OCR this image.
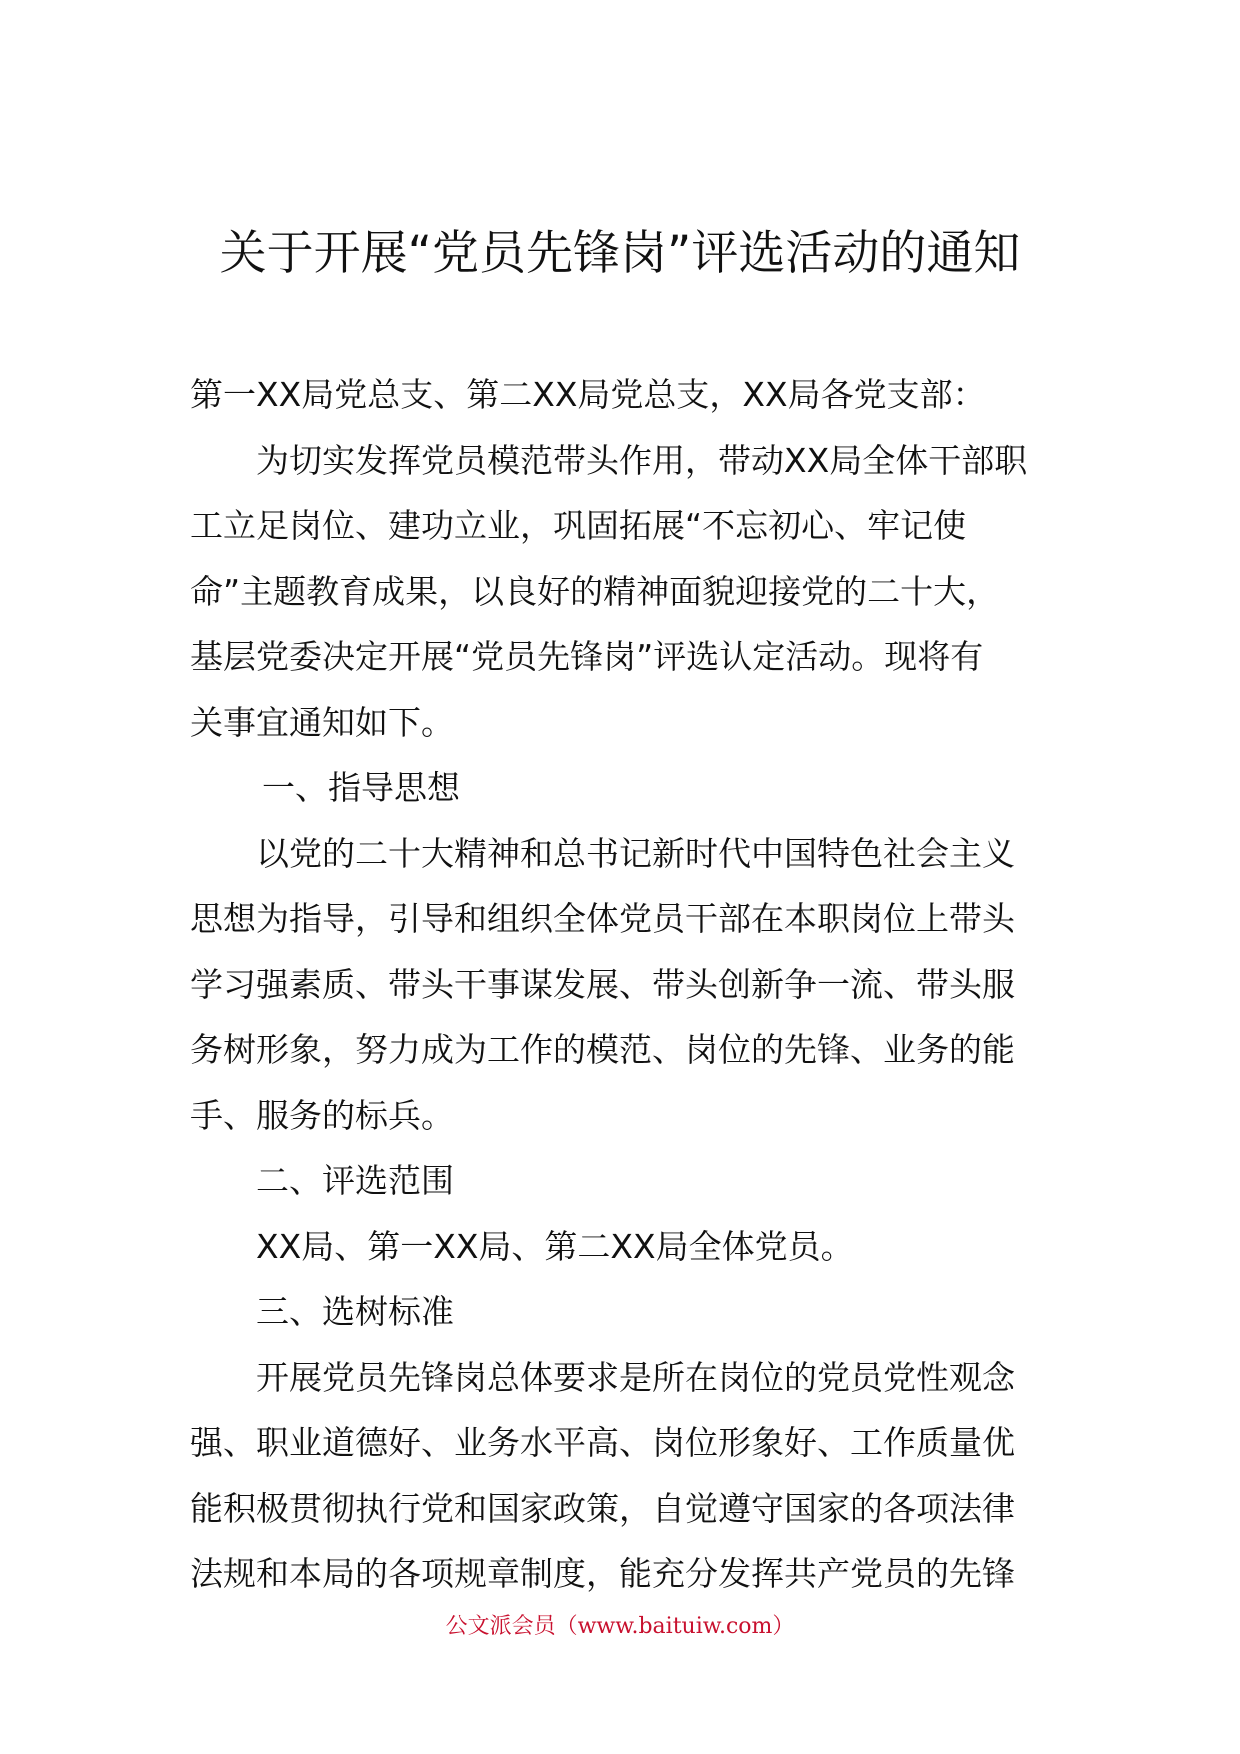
关于开展“党员先锋岗”评选活动的通知

第一XX局党总支、第二XX局党总支，XX局各党支部：

为切实发挥党员模范带头作用，带动XX局全体干部职

工立足岗位、建功立业，巩固拓展“不忘初心、牢记使

命”主题教育成果，以良好的精神面貌迎接党的二十大，

基层党委决定开展“党员先锋岗”评选认定活动。现将有

关事宜通知如下。

一、指导思想

以党的二十大精神和总书记新时代中国特色社会主义

思想为指导，引导和组织全体党员干部在本职岗位上带头

学习强素质、带头干事谋发展、带头创新争一流、带头服

务树形象，努力成为工作的模范、岗位的先锋、业务的能

手、服务的标兵。

二、评选范围

XX局、第一XX局、第二XX局全体党员。

三、选树标准

开展党员先锋岗总体要求是所在岗位的党员党性观念

强、职业道德好、业务水平高、岗位形象好、工作质量优

能积极贯彻执行党和国家政策，自觉遵守国家的各项法律

法规和本局的各项规章制度，能充分发挥共产党员的先锋

公文派会员（www.baituiw.com）
